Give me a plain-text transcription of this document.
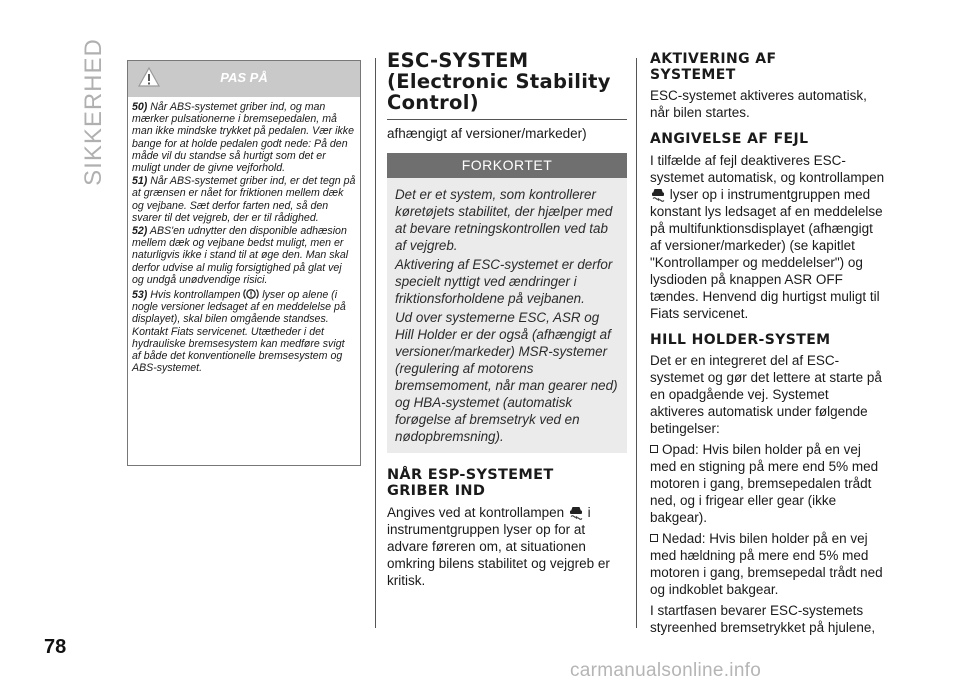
SIKKERHED
78
PAS PÅ

50) Når ABS-systemet griber ind, og man mærker pulsationerne i bremsepedalen, må man ikke mindske trykket på pedalen. Vær ikke bange for at holde pedalen godt nede: På den måde vil du standse så hurtigt som det er muligt under de givne vejforhold.

51) Når ABS-systemet griber ind, er det tegn på at grænsen er nået for friktionen mellem dæk og vejbane. Sæt derfor farten ned, så den svarer til det vejgreb, der er til rådighed.

52) ABS'en udnytter den disponible adhæsion mellem dæk og vejbane bedst muligt, men er naturligvis ikke i stand til at øge den. Man skal derfor udvise al mulig forsigtighed på glat vej og undgå unødvendige risici.

53) Hvis kontrollampen lyser op alene (i nogle versioner ledsaget af en meddelelse på displayet), skal bilen omgående standses. Kontakt Fiats servicenet. Utætheder i det hydrauliske bremsesystem kan medføre svigt af både det konventionelle bremsesystem og ABS-systemet.

ESC-SYSTEM
(Electronic Stability
Control)

afhængigt af versioner/markeder)

FORKORTET

Det er et system, som kontrollerer køretøjets stabilitet, der hjælper med at bevare retningskontrollen ved tab af vejgreb.

Aktivering af ESC-systemet er derfor specielt nyttigt ved ændringer i friktionsforholdene på vejbanen.

Ud over systemerne ESC, ASR og Hill Holder er der også (afhængigt af versioner/markeder) MSR-systemer (regulering af motorens bremsemoment, når man gearer ned) og HBA-systemet (automatisk forøgelse af bremsetryk ved en nødopbremsning).

NÅR ESP-SYSTEMET
GRIBER IND

Angives ved at kontrollampen i instrumentgruppen lyser op for at advare føreren om, at situationen omkring bilens stabilitet og vejgreb er kritisk.

AKTIVERING AF
SYSTEMET

ESC-systemet aktiveres automatisk, når bilen startes.

ANGIVELSE AF FEJL

I tilfælde af fejl deaktiveres ESC-systemet automatisk, og kontrollampen  lyser op i instrumentgruppen med konstant lys ledsaget af en meddelelse på multifunktionsdisplayet (afhængigt af versioner/markeder) (se kapitlet "Kontrollamper og meddelelser") og lysdioden på knappen ASR OFF tændes. Henvend dig hurtigst muligt til Fiats servicenet.

HILL HOLDER-SYSTEM

Det er en integreret del af ESC-systemet og gør det lettere at starte på en opadgående vej. Systemet aktiveres automatisk under følgende betingelser:

Opad: Hvis bilen holder på en vej med en stigning på mere end 5% med motoren i gang, bremsepedalen trådt ned, og i frigear eller gear (ikke bakgear).

Nedad: Hvis bilen holder på en vej med hældning på mere end 5% med motoren i gang, bremsepedal trådt ned og indkoblet bakgear.

I startfasen bevarer ESC-systemets styreenhed bremsetrykket på hjulene,

carmanualsonline.info
